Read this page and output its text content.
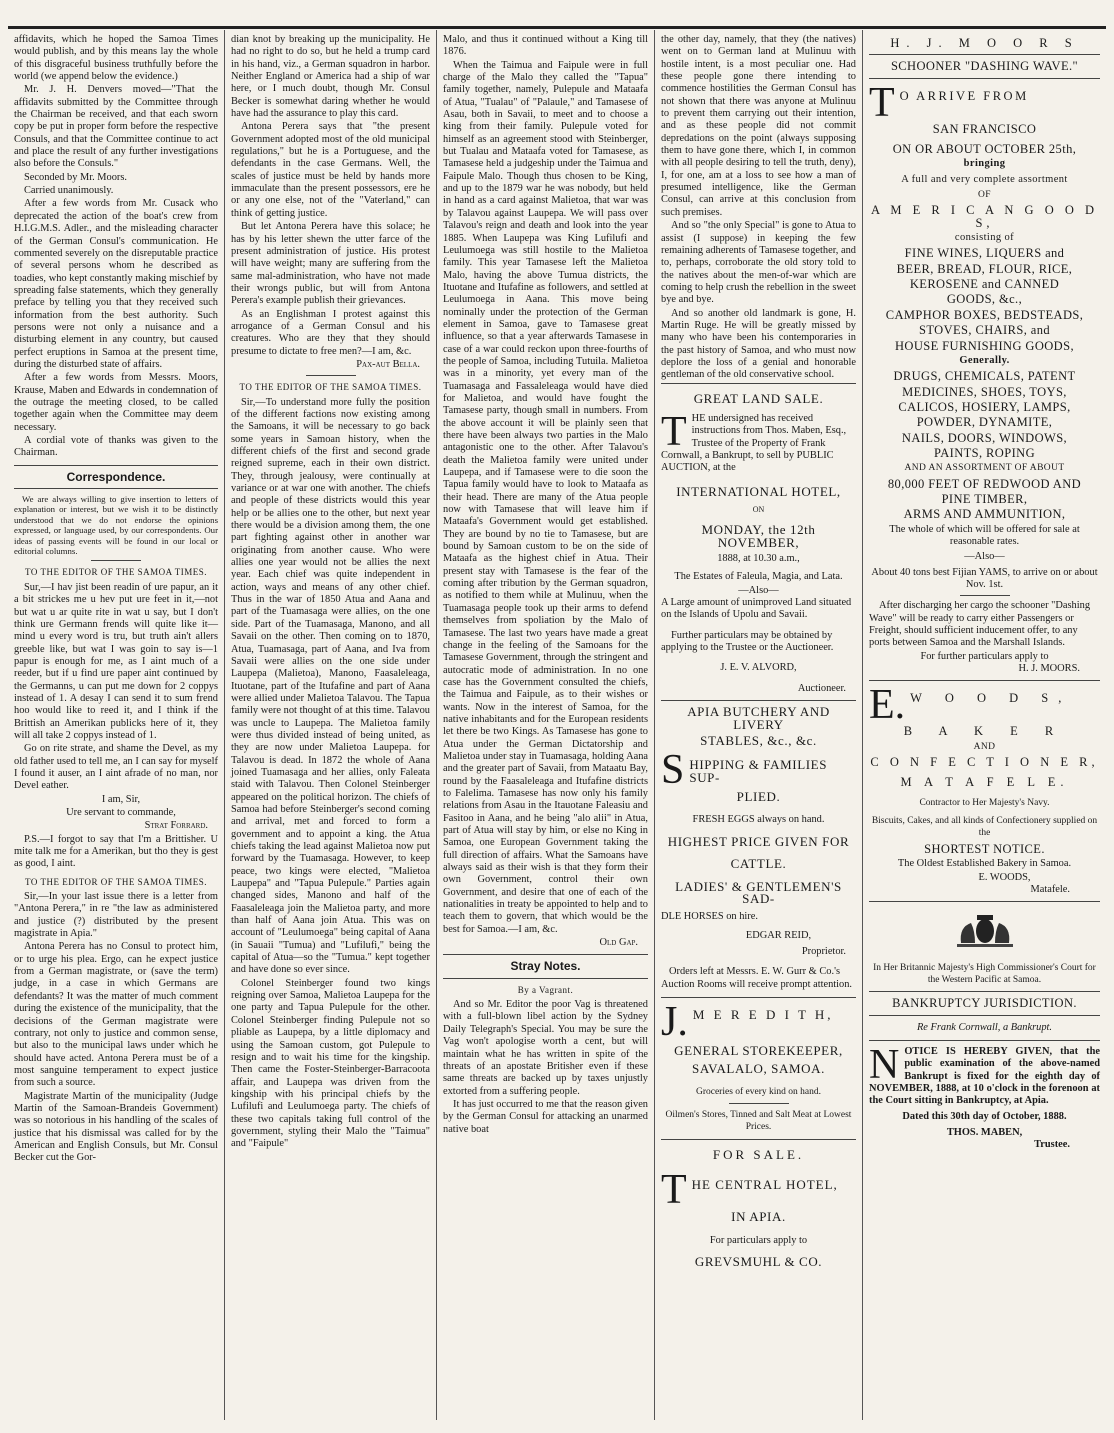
affidavits, which he hoped the Samoa Times would publish, and by this means lay the whole of this disgraceful business truthfully before the world (we append below the evidence.)

Mr. J. H. Denvers moved—"That the affidavits submitted by the Committee through the Chairman be received, and that each sworn copy be put in proper form before the respective Consuls, and that the Committee continue to act and place the result of any further investigations also before the Consuls."

Seconded by Mr. Moors.

Carried unanimously.

After a few words from Mr. Cusack who deprecated the action of the boat's crew from H.I.G.M.S. Adler., and the misleading character of the German Consul's communication. He commented severely on the disreputable practice of several persons whom he described as toadies, who kept constantly making mischief by spreading false statements, which they generally preface by telling you that they received such information from the best authority. Such persons were not only a nuisance and a disturbing element in any country, but caused perfect eruptions in Samoa at the present time, during the disturbed state of affairs.

After a few words from Messrs. Moors, Krause, Maben and Edwards in condemnation of the outrage the meeting closed, to be called together again when the Committee may deem necessary.

A cordial vote of thanks was given to the Chairman.

Correspondence.

We are always willing to give insertion to letters of explanation or interest, but we wish it to be distinctly understood that we do not endorse the opinions expressed, or language used, by our correspondents. Our ideas of passing events will be found in our local or editorial columns.

TO THE EDITOR OF THE SAMOA TIMES.

Sur,—I hav jist been readin of ure papur, an it a bit strickes me u hev put ure feet in it,—not but wat u ar quite rite in wat u say, but I don't think ure Germann frends will quite like it—mind u every word is tru, but truth ain't allers greeble like, but wat I was goin to say is—1 papur is enough for me, as I aint much of a reeder, but if u find ure paper aint continued by the Germanns, u can put me down for 2 coppys instead of 1. A desay I can send it to sum frend hoo would like to reed it, and I think if the Brittish an Amerikan publicks here of it, they will all take 2 coppys instead of 1.

Go on rite strate, and shame the Devel, as my old father used to tell me, an I can say for myself I found it auser, an I aint afrade of no man, nor Devel eather.

I am, Sir,

Ure servant to commande,

Strat Forrard.

P.S.—I forgot to say that I'm a Brittisher. U mite talk me for a Amerikan, but tho they is gest as good, I aint.

TO THE EDITOR OF THE SAMOA TIMES.

Sir,—In your last issue there is a letter from "Antona Perera," in re "the law as administered and justice (?) distributed by the present magistrate in Apia."

Antona Perera has no Consul to protect him, or to urge his plea. Ergo, can he expect justice from a German magistrate, or (save the term) judge, in a case in which Germans are defendants? It was the matter of much comment during the existence of the municipality, that the decisions of the German magistrate were contrary, not only to justice and common sense, but also to the municipal laws under which he should have acted. Antona Perera must be of a most sanguine temperament to expect justice from such a source.

Magistrate Martin of the municipality (Judge Martin of the Samoan-Brandeis Government) was so notorious in his handling of the scales of justice that his dismissal was called for by the American and English Consuls, but Mr. Consul Becker cut the Gor-

dian knot by breaking up the municipality. He had no right to do so, but he held a trump card in his hand, viz., a German squadron in harbor. Neither England or America had a ship of war here, or I much doubt, though Mr. Consul Becker is somewhat daring whether he would have had the assurance to play this card.

Antona Perera says that "the present Government adopted most of the old municipal regulations," but he is a Portuguese, and the defendants in the case Germans. Well, the scales of justice must be held by hands more immaculate than the present possessors, ere he or any one else, not of the "Vaterland," can think of getting justice.

But let Antona Perera have this solace; he has by his letter shewn the utter farce of the present administration of justice. His protest will have weight; many are suffering from the same mal-administration, who have not made their wrongs public, but will from Antona Perera's example publish their grievances.

As an Englishman I protest against this arrogance of a German Consul and his creatures. Who are they that they should presume to dictate to free men?—I am, &c.

Pax-aut Bella.

TO THE EDITOR OF THE SAMOA TIMES.

Sir,—To understand more fully the position of the different factions now existing among the Samoans, it will be necessary to go back some years in Samoan history, when the different chiefs of the first and second grade reigned supreme, each in their own district. They, through jealousy, were continually at variance or at war one with another. The chiefs and people of these districts would this year help or be allies one to the other, but next year there would be a division among them, the one part fighting against other in another war originating from another cause. Who were allies one year would not be allies the next year. Each chief was quite independent in action, ways and means of any other chief. Thus in the war of 1850 Atua and Aana and part of the Tuamasaga were allies, on the one side. Part of the Tuamasaga, Manono, and all Savaii on the other. Then coming on to 1870, Atua, Tuamasaga, part of Aana, and Iva from Savaii were allies on the one side under Laupepa (Malietoa), Manono, Faasaleleaga, Ituotane, part of the Itufafine and part of Aana were allied under Malietoa Talavou. The Tapua family were not thought of at this time. Talavou was uncle to Laupepa. The Malietoa family were thus divided instead of being united, as they are now under Malietoa Laupepa. for Talavou is dead. In 1872 the whole of Aana joined Tuamasaga and her allies, only Faleata staid with Talavou. Then Colonel Steinberger appeared on the political horizon. The chiefs of Samoa had before Steinberger's second coming and arrival, met and forced to form a government and to appoint a king. the Atua chiefs taking the lead against Malietoa now put forward by the Tuamasaga. However, to keep peace, two kings were elected, "Malietoa Laupepa" and "Tapua Pulepule." Parties again changed sides, Manono and half of the Faasaleleaga join the Malietoa party, and more than half of Aana join Atua. This was on account of "Leulumoega" being capital of Aana (in Sauaii "Tumua) and "Lufilufi," being the capital of Atua—so the "Tumua." kept together and have done so ever since.

Colonel Steinberger found two kings reigning over Samoa, Malietoa Laupepa for the one party and Tapua Pulepule for the other. Colonel Steinberger finding Pulepule not so pliable as Laupepa, by a little diplomacy and using the Samoan custom, got Pulepule to resign and to wait his time for the kingship. Then came the Foster-Steinberger-Barracoota affair, and Laupepa was driven from the kingship with his principal chiefs by the Lufilufi and Leulumoega party. The chiefs of these two capitals taking full control of the government, styling their Malo the "Taimua" and "Faipule"

Malo, and thus it continued without a King till 1876.

When the Taimua and Faipule were in full charge of the Malo they called the "Tapua" family together, namely, Pulepule and Mataafa of Atua, "Tualau" of "Palaule," and Tamasese of Asau, both in Savaii, to meet and to choose a king from their family. Pulepule voted for himself as an agreement stood with Steinberger, but Tualau and Mataafa voted for Tamasese, as Tamasese held a judgeship under the Taimua and Faipule Malo. Though thus chosen to be King, and up to the 1879 war he was nobody, but held in hand as a card against Malietoa, that war was by Talavou against Laupepa. We will pass over Talavou's reign and death and look into the year 1885. When Laupepa was King Lufilufi and Leulumoega was still hostile to the Malietoa family. This year Tamasese left the Malietoa Malo, having the above Tumua districts, the Ituotane and Itufafine as followers, and settled at Leulumoega in Aana. This move being nominally under the protection of the German element in Samoa, gave to Tamasese great influence, so that a year afterwards Tamasese in case of a war could reckon upon three-fourths of the people of Samoa, including Tutuila. Malietoa was in a minority, yet every man of the Tuamasaga and Fassaleleaga would have died for Malietoa, and would have fought the Tamasese party, though small in numbers. From the above account it will be plainly seen that there have been always two parties in the Malo antagonistic one to the other. After Talavou's death the Malietoa family were united under Laupepa, and if Tamasese were to die soon the Tapua family would have to look to Mataafa as their head. There are many of the Atua people now with Tamasese that will leave him if Mataafa's Government would get established. They are bound by no tie to Tamasese, but are bound by Samoan custom to be on the side of Mataafa as the highest chief in Atua. Their present stay with Tamasese is the fear of the coming after tribution by the German squadron, as notified to them while at Mulinuu, when the Tuamasaga people took up their arms to defend themselves from spoliation by the Malo of Tamasese. The last two years have made a great change in the feeling of the Samoans for the Tamasese Government, through the stringent and autocratic mode of administration. In no one case has the Government consulted the chiefs, the Taimua and Faipule, as to their wishes or wants. Now in the interest of Samoa, for the native inhabitants and for the European residents let there be two Kings. As Tamasese has gone to Atua under the German Dictatorship and Malietoa under stay in Tuamasaga, holding Aana and the greater part of Savaii, from Mataatu Bay, round by the Faasaleleaga and Itufafine districts to Falelima. Tamasese has now only his family relations from Asau in the Itauotane Faleasiu and Fasitoo in Aana, and he being "alo alii" in Atua, part of Atua will stay by him, or else no King in Samoa, one European Government taking the full direction of affairs. What the Samoans have always said as their wish is that they form their own Government, control their own Government, and desire that one of each of the nationalities in treaty be appointed to help and to teach them to govern, that which would be the best for Samoa.—I am, &c.

Old Gap.

Stray Notes.
By a Vagrant.

And so Mr. Editor the poor Vag is threatened with a full-blown libel action by the Sydney Daily Telegraph's Special. You may be sure the Vag won't apologise worth a cent, but will maintain what he has written in spite of the threats of an apostate Britisher even if these same threats are backed up by taxes unjustly extorted from a suffering people.

It has just occurred to me that the reason given by the German Consul for attacking an unarmed native boat

the other day, namely, that they (the natives) went on to German land at Mulinuu with hostile intent, is a most peculiar one. Had these people gone there intending to commence hostilities the German Consul has not shown that there was anyone at Mulinuu to prevent them carrying out their intention, and as these people did not commit depredations on the point (always supposing them to have gone there, which I, in common with all people desiring to tell the truth, deny), I, for one, am at a loss to see how a man of presumed intelligence, like the German Consul, can arrive at this conclusion from such premises.

And so "the only Special" is gone to Atua to assist (I suppose) in keeping the few remaining adherents of Tamasese together, and to, perhaps, corroborate the old story told to the natives about the men-of-war which are coming to help crush the rebellion in the sweet bye and bye.

And so another old landmark is gone, H. Martin Ruge. He will be greatly missed by many who have been his contemporaries in the past history of Samoa, and who must now deplore the loss of a genial and honorable gentleman of the old conservative school.

GREAT LAND SALE.
T HE undersigned has received instructions from Thos. Maben, Esq., Trustee of the Property of Frank Cornwall, a Bankrupt, to sell by PUBLIC AUCTION, at the

INTERNATIONAL HOTEL,
ON
MONDAY, the 12th NOVEMBER,
1888, at 10.30 a.m.,

The Estates of Faleula, Magia, and Lata.

—Also—

A Large amount of unimproved Land situated on the Islands of Upolu and Savaii.

Further particulars may be obtained by applying to the Trustee or the Auctioneer.

J. E. V. ALVORD,
Auctioneer.
APIA BUTCHERY AND LIVERY
STABLES, &c., &c.
S HIPPING & FAMILIES SUP-
PLIED.
FRESH EGGS always on hand.
HIGHEST PRICE GIVEN FOR
CATTLE.
LADIES' & GENTLEMEN'S SAD-
DLE HORSES on hire.
EDGAR REID,
Proprietor.

Orders left at Messrs. E. W. Gurr & Co.'s Auction Rooms will receive prompt attention.

J. M E R E D I T H,
GENERAL STOREKEEPER,
SAVALALO, SAMOA.
Groceries of every kind on hand.
Oilmen's Stores, Tinned and Salt Meat at Lowest Prices.
FOR SALE.
T HE CENTRAL HOTEL,
IN APIA.
For particulars apply to
GREVSMUHL & CO.
H. J. M O O R S
SCHOONER "DASHING WAVE."
T O ARRIVE FROM
SAN FRANCISCO
ON OR ABOUT OCTOBER 25th,
bringing
A full and very complete assortment
OF
A M E R I C A N G O O D S,
consisting of
FINE WINES, LIQUERS and
BEER, BREAD, FLOUR, RICE,
KEROSENE and CANNED
GOODS, &c.,
CAMPHOR BOXES, BEDSTEADS,
STOVES, CHAIRS, and
HOUSE FURNISHING GOODS,
Generally.
DRUGS, CHEMICALS, PATENT
MEDICINES, SHOES, TOYS,
CALICOS, HOSIERY, LAMPS,
POWDER, DYNAMITE,
NAILS, DOORS, WINDOWS,
PAINTS, ROPING
AND AN ASSORTMENT OF ABOUT
80,000 FEET OF REDWOOD AND
PINE TIMBER,
ARMS AND AMMUNITION,

The whole of which will be offered for sale at reasonable rates.

—Also—

About 40 tons best Fijian YAMS, to arrive on or about Nov. 1st.

After discharging her cargo the schooner "Dashing Wave" will be ready to carry either Passengers or Freight, should sufficient inducement offer, to any ports between Samoa and the Marshall Islands.

For further particulars apply to
H. J. MOORS.
E. W O O D S,
B A K E R
AND
C O N F E C T I O N E R,
M A T A F E L E.
Contractor to Her Majesty's Navy.
Biscuits, Cakes, and all kinds of Confectionery supplied on the
SHORTEST NOTICE.

The Oldest Established Bakery in Samoa.

E. WOODS,
Matafele.
In Her Britannic Majesty's High Commissioner's Court for the Western Pacific at Samoa.
BANKRUPTCY JURISDICTION.
Re Frank Cornwall, a Bankrupt.
N OTICE IS HEREBY GIVEN, that the public examination of the above-named Bankrupt is fixed for the eighth day of NOVEMBER, 1888, at 10 o'clock in the forenoon at the Court sitting in Bankruptcy, at Apia.

Dated this 30th day of October, 1888.
THOS. MABEN,
Trustee.
